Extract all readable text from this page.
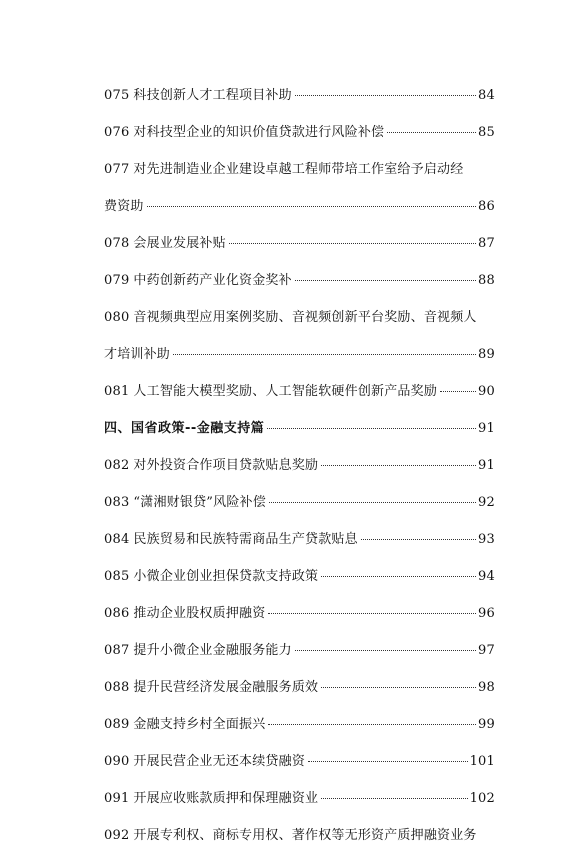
075 科技创新人才工程项目补助	84
076 对科技型企业的知识价值贷款进行风险补偿	85
077 对先进制造业企业建设卓越工程师带培工作室给予启动经
费资助	86
078 会展业发展补贴	87
079 中药创新药产业化资金奖补	88
080 音视频典型应用案例奖励、音视频创新平台奖励、音视频人
才培训补助	89
081 人工智能大模型奖励、人工智能软硬件创新产品奖励	90
四、国省政策--金融支持篇	91
082 对外投资合作项目贷款贴息奖励	91
083 “潇湘财银贷”风险补偿	92
084 民族贸易和民族特需商品生产贷款贴息	93
085 小微企业创业担保贷款支持政策	94
086 推动企业股权质押融资	96
087 提升小微企业金融服务能力	97
088 提升民营经济发展金融服务质效	98
089 金融支持乡村全面振兴	99
090 开展民营企业无还本续贷融资	101
091 开展应收账款质押和保理融资业	102
092 开展专利权、商标专用权、著作权等无形资产质押融资业务
